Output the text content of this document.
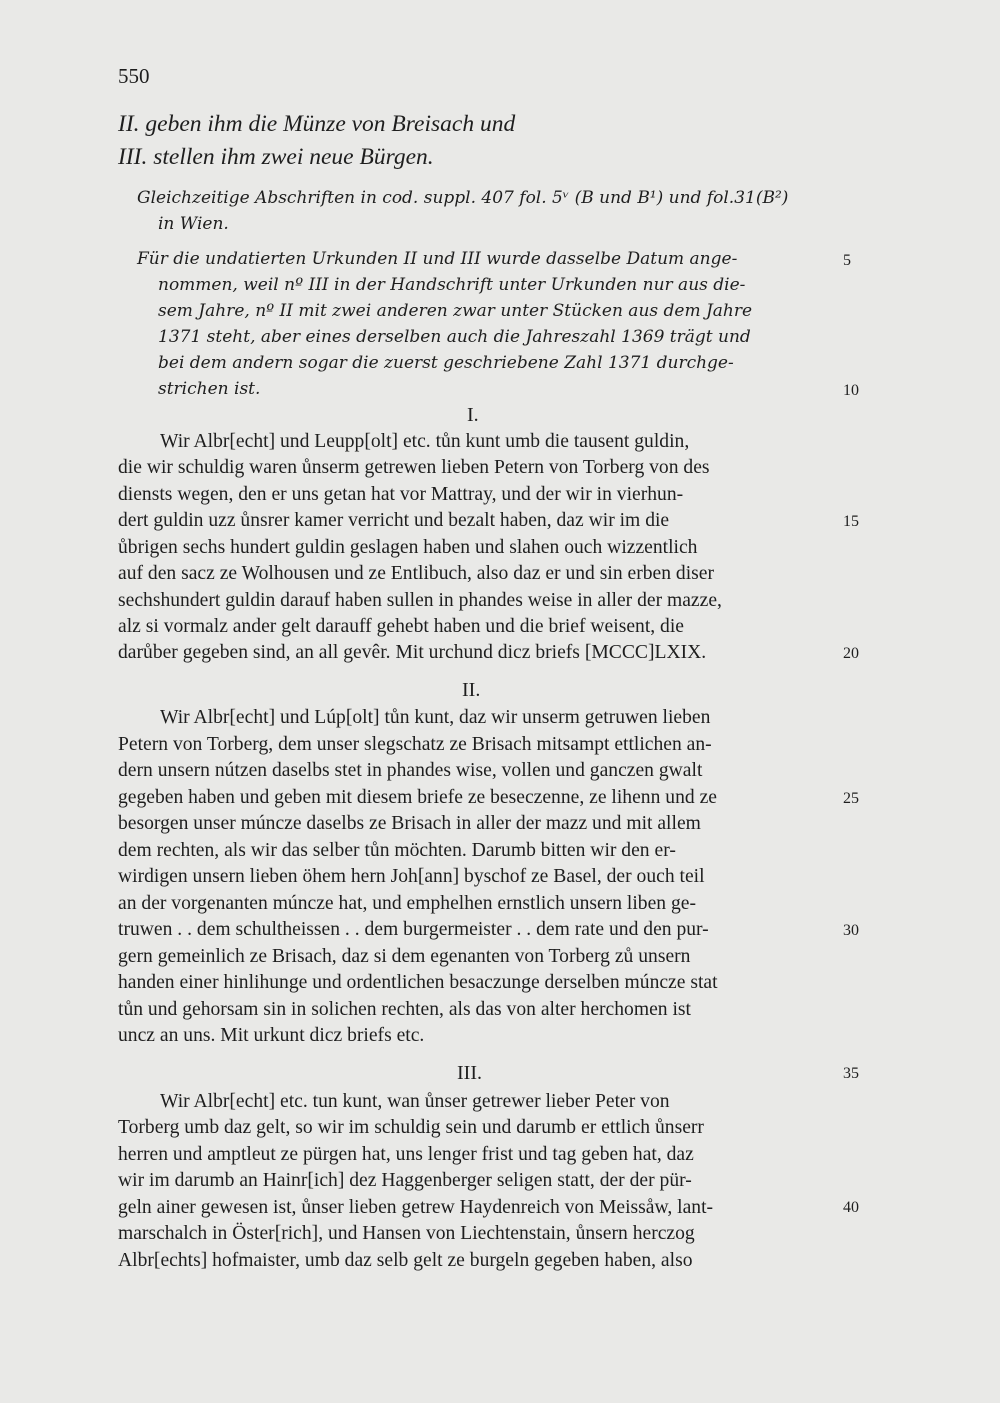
550
II. geben ihm die Münze von Breisach und
III. stellen ihm zwei neue Bürgen.
Gleichzeitige Abschriften in cod. suppl. 407 fol. 5ᵛ (B und B¹) und fol.31(B²)
in Wien.
Für die undatierten Urkunden II und III wurde dasselbe Datum ange-
nommen, weil nº III in der Handschrift unter Urkunden nur aus die-
sem Jahre, nº II mit zwei anderen zwar unter Stücken aus dem Jahre
1371 steht, aber eines derselben auch die Jahreszahl 1369 trägt und
bei dem andern sogar die zuerst geschriebene Zahl 1371 durchge-
strichen ist.
I.
Wir Albr[echt] und Leupp[olt] etc. tůn kunt umb die tausent guldin,
die wir schuldig waren ůnserm getrewen lieben Petern von Torberg von des
diensts wegen, den er uns getan hat vor Mattray, und der wir in vierhun-
dert guldin uzz ůnsrer kamer verricht und bezalt haben, daz wir im die
ůbrigen sechs hundert guldin geslagen haben und slahen ouch wizzentlich
auf den sacz ze Wolhousen und ze Entlibuch, also daz er und sin erben diser
sechshundert guldin darauf haben sullen in phandes weise in aller der mazze,
alz si vormalz ander gelt darauff gehebt haben und die brief weisent, die
darůber gegeben sind, an all gevêr. Mit urchund dicz briefs [MCCC]LXIX.
II.
Wir Albr[echt] und Lúp[olt] tůn kunt, daz wir unserm getruwen lieben
Petern von Torberg, dem unser slegschatz ze Brisach mitsampt ettlichen an-
dern unsern nútzen daselbs stet in phandes wise, vollen und ganczen gwalt
gegeben haben und geben mit diesem briefe ze beseczenne, ze lihenn und ze
besorgen unser múncze daselbs ze Brisach in aller der mazz und mit allem
dem rechten, als wir das selber tůn möchten. Darumb bitten wir den er-
wirdigen unsern lieben öhem hern Joh[ann] byschof ze Basel, der ouch teil
an der vorgenanten múncze hat, und emphelhen ernstlich unsern liben ge-
truwen . . dem schultheissen . . dem burgermeister . . dem rate und den pur-
gern gemeinlich ze Brisach, daz si dem egenanten von Torberg zů unsern
handen einer hinlihunge und ordentlichen besaczunge derselben múncze stat
tůn und gehorsam sin in solichen rechten, als das von alter herchomen ist
uncz an uns. Mit urkunt dicz briefs etc.
III.
Wir Albr[echt] etc. tun kunt, wan ůnser getrewer lieber Peter von
Torberg umb daz gelt, so wir im schuldig sein und darumb er ettlich ůnserr
herren und amptleut ze pürgen hat, uns lenger frist und tag geben hat, daz
wir im darumb an Hainr[ich] dez Haggenberger seligen statt, der der pür-
geln ainer gewesen ist, ůnser lieben getrew Haydenreich von Meissåw, lant-
marschalch in Öster[rich], und Hansen von Liechtenstain, ůnsern herczog
Albr[echts] hofmaister, umb daz selb gelt ze burgeln gegeben haben, also
5
10
15
20
25
30
35
40
